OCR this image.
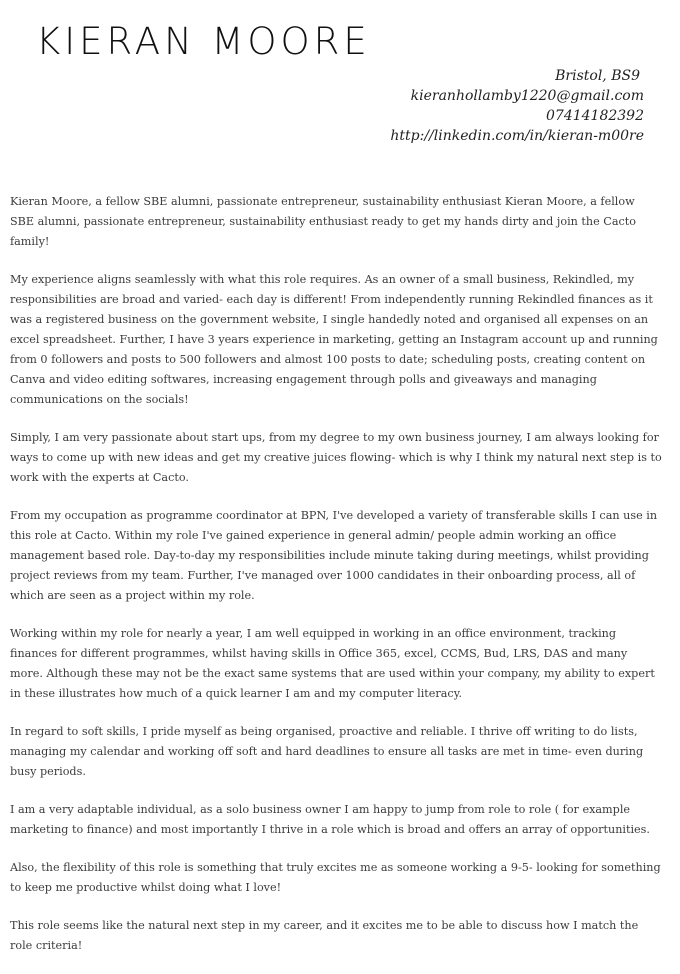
KIERAN MOORE
Bristol, BS9
kieranhollamby1220@gmail.com
07414182392
http://linkedin.com/in/kieran-m00re

Kieran Moore, a fellow SBE alumni, passionate entrepreneur, sustainability enthusiast Kieran Moore, a fellow SBE alumni, passionate entrepreneur, sustainability enthusiast ready to get my hands dirty and join the Cacto family!

My experience aligns seamlessly with what this role requires. As an owner of a small business, Rekindled, my responsibilities are broad and varied- each day is different! From independently running Rekindled finances as it was a registered business on the government website, I single handedly noted and organised all expenses on an excel spreadsheet. Further, I have 3 years experience in marketing, getting an Instagram account up and running from 0 followers and posts to 500 followers and almost 100 posts to date; scheduling posts, creating content on Canva and video editing softwares, increasing engagement through polls and giveaways and managing communications on the socials!

Simply, I am very passionate about start ups, from my degree to my own business journey, I am always looking for ways to come up with new ideas and get my creative juices flowing- which is why I think my natural next step is to work with the experts at Cacto.

From my occupation as programme coordinator at BPN, I've developed a variety of transferable skills I can use in this role at Cacto. Within my role I've gained experience in general admin/ people admin working an office management based role. Day-to-day my responsibilities include minute taking during meetings, whilst providing project reviews from my team. Further, I've managed over 1000 candidates in their onboarding process, all of which are seen as a project within my role.

Working within my role for nearly a year, I am well equipped in working in an office environment, tracking finances for different programmes, whilst having skills in Office 365, excel, CCMS, Bud, LRS, DAS and many more. Although these may not be the exact same systems that are used within your company, my ability to expert in these illustrates how much of a quick learner I am and my computer literacy.

In regard to soft skills, I pride myself as being organised, proactive and reliable. I thrive off writing to do lists, managing my calendar and working off soft and hard deadlines to ensure all tasks are met in time- even during busy periods.

I am a very adaptable individual, as a solo business owner I am happy to jump from role to role ( for example marketing to finance) and most importantly I thrive in a role which is broad and offers an array of opportunities.

Also, the flexibility of this role is something that truly excites me as someone working a 9-5- looking for something to keep me productive whilst doing what I love!

This role seems like the natural next step in my career, and it excites me to be able to discuss how I match the role criteria!
